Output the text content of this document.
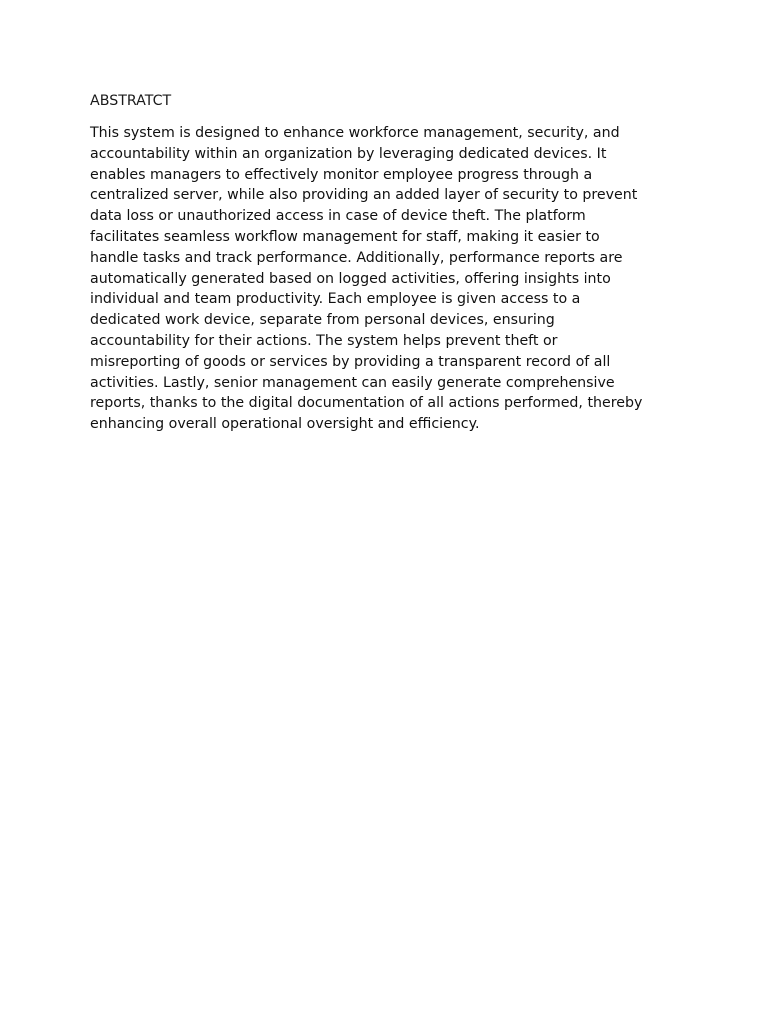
ABSTRATCT

This system is designed to enhance workforce management, security, and
accountability within an organization by leveraging dedicated devices. It
enables managers to effectively monitor employee progress through a
centralized server, while also providing an added layer of security to prevent
data loss or unauthorized access in case of device theft. The platform
facilitates seamless workflow management for staff, making it easier to
handle tasks and track performance. Additionally, performance reports are
automatically generated based on logged activities, offering insights into
individual and team productivity. Each employee is given access to a
dedicated work device, separate from personal devices, ensuring
accountability for their actions. The system helps prevent theft or
misreporting of goods or services by providing a transparent record of all
activities. Lastly, senior management can easily generate comprehensive
reports, thanks to the digital documentation of all actions performed, thereby
enhancing overall operational oversight and efficiency.
